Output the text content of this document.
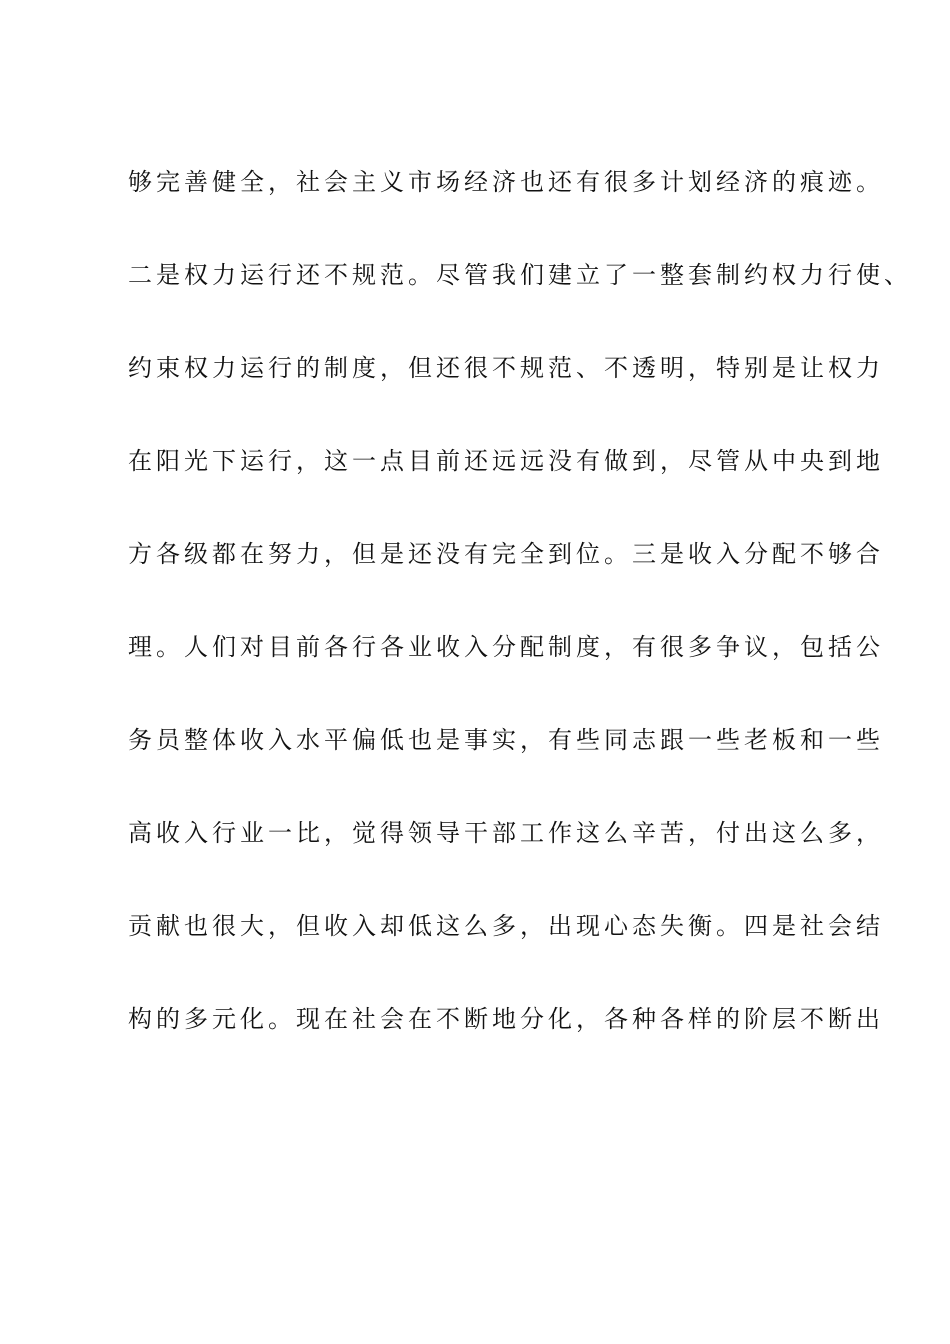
够完善健全，社会主义市场经济也还有很多计划经济的痕迹。
二是权力运行还不规范。尽管我们建立了一整套制约权力行使、
约束权力运行的制度，但还很不规范、不透明，特别是让权力
在阳光下运行，这一点目前还远远没有做到，尽管从中央到地
方各级都在努力，但是还没有完全到位。三是收入分配不够合
理。人们对目前各行各业收入分配制度，有很多争议，包括公
务员整体收入水平偏低也是事实，有些同志跟一些老板和一些
高收入行业一比，觉得领导干部工作这么辛苦，付出这么多，
贡献也很大，但收入却低这么多，出现心态失衡。四是社会结
构的多元化。现在社会在不断地分化，各种各样的阶层不断出
